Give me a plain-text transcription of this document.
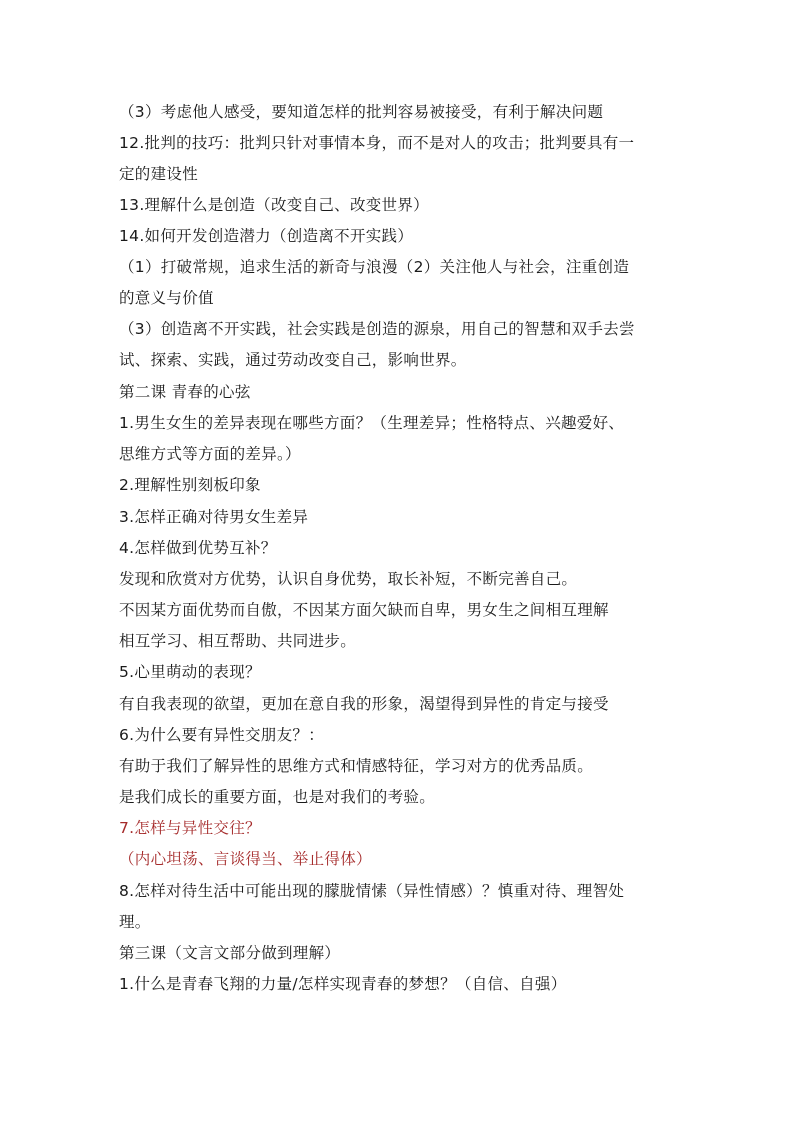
（3）考虑他人感受，要知道怎样的批判容易被接受，有利于解决问题
12.批判的技巧：批判只针对事情本身，而不是对人的攻击；批判要具有一
定的建设性
13.理解什么是创造（改变自己、改变世界）
14.如何开发创造潜力（创造离不开实践）
（1）打破常规，追求生活的新奇与浪漫（2）关注他人与社会，注重创造
的意义与价值
（3）创造离不开实践，社会实践是创造的源泉，用自己的智慧和双手去尝
试、探索、实践，通过劳动改变自己，影响世界。
第二课 青春的心弦
1.男生女生的差异表现在哪些方面？（生理差异；性格特点、兴趣爱好、
思维方式等方面的差异。）
2.理解性别刻板印象
3.怎样正确对待男女生差异
4.怎样做到优势互补？
发现和欣赏对方优势，认识自身优势，取长补短，不断完善自己。
不因某方面优势而自傲，不因某方面欠缺而自卑，男女生之间相互理解
相互学习、相互帮助、共同进步。
5.心里萌动的表现？
有自我表现的欲望，更加在意自我的形象，渴望得到异性的肯定与接受
6.为什么要有异性交朋友？：
有助于我们了解异性的思维方式和情感特征，学习对方的优秀品质。
是我们成长的重要方面，也是对我们的考验。
7.怎样与异性交往？
（内心坦荡、言谈得当、举止得体）
8.怎样对待生活中可能出现的朦胧情愫（异性情感）？慎重对待、理智处
理。
第三课（文言文部分做到理解）
1.什么是青春飞翔的力量/怎样实现青春的梦想？（自信、自强）
